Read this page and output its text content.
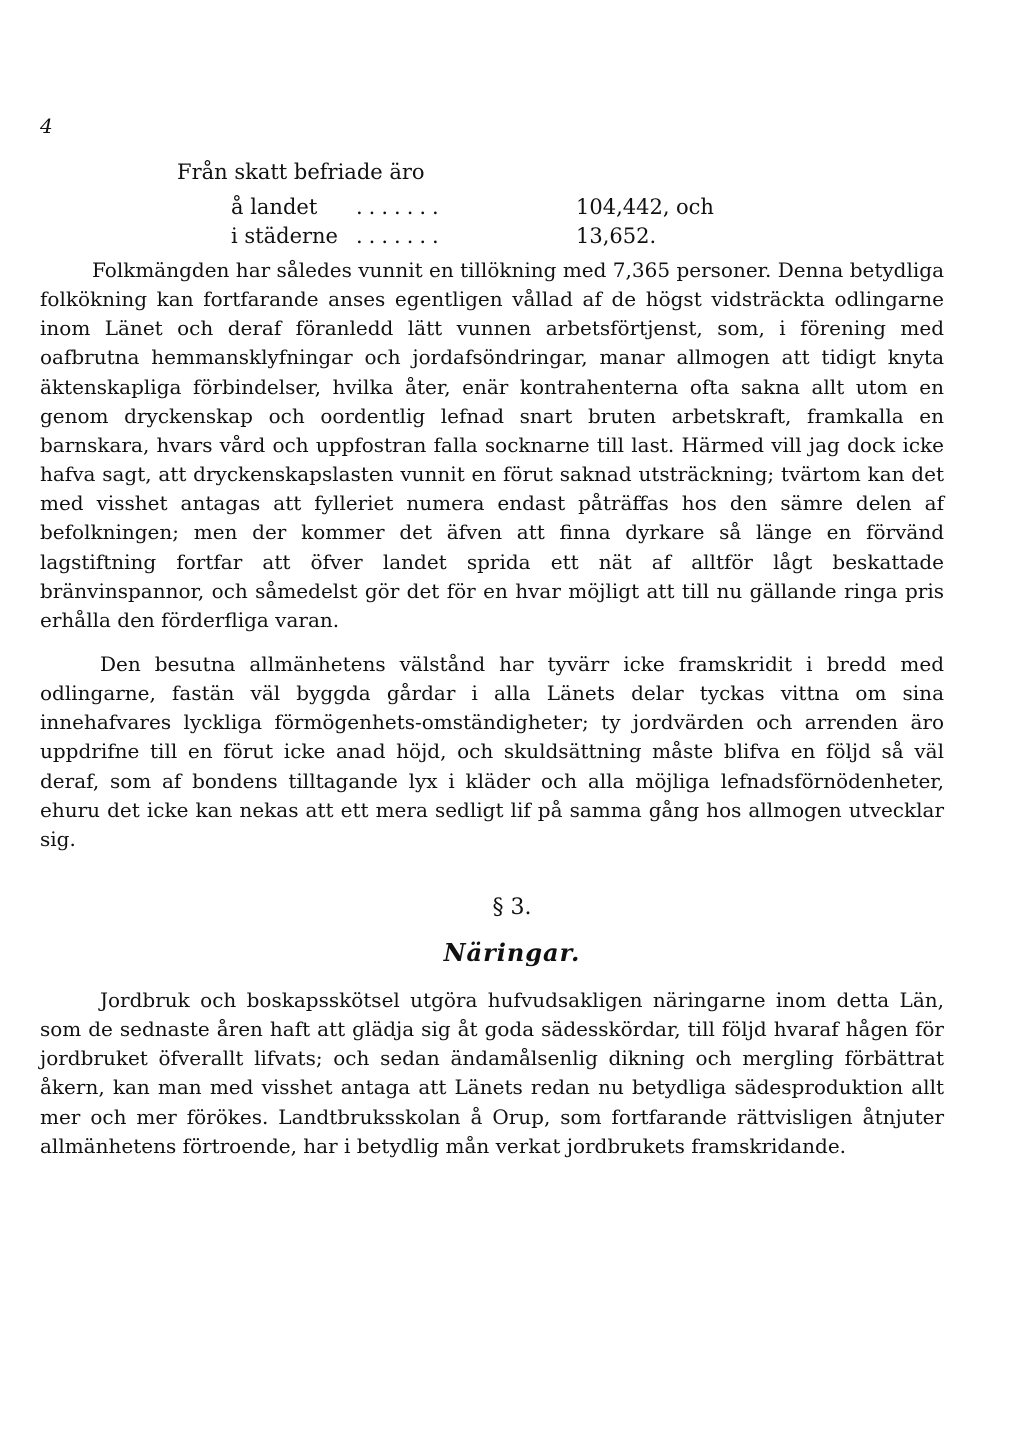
4
Från skatt befriade äro
å landet .......	104,442, och
i städerne .......	13,652.

Folkmängden har således vunnit en tillökning med 7,365 personer. Denna betydliga folkökning kan fortfarande anses egentligen vållad af de högst vidsträckta odlingarne inom Länet och deraf föranledd lätt vunnen arbetsförtjenst, som, i förening med oafbrutna hemmansklyfningar och jordafsöndringar, manar allmogen att tidigt knyta äktenskapliga förbindelser, hvilka åter, enär kontrahenterna ofta sakna allt utom en genom dryckenskap och oordentlig lefnad snart bruten arbetskraft, framkalla en barnskara, hvars vård och uppfostran falla socknarne till last. Härmed vill jag dock icke hafva sagt, att dryckenskapslasten vunnit en förut saknad utsträckning; tvärtom kan det med visshet antagas att fylleriet numera endast påträffas hos den sämre delen af befolkningen; men der kommer det äfven att finna dyrkare så länge en förvänd lagstiftning fortfar att öfver landet sprida ett nät af alltför lågt beskattade bränvinspannor, och såmedelst gör det för en hvar möjligt att till nu gällande ringa pris erhålla den förderfliga varan.

Den besutna allmänhetens välstånd har tyvärr icke framskridit i bredd med odlingarne, fastän väl byggda gårdar i alla Länets delar tyckas vittna om sina innehafvares lyckliga förmögenhets-omständigheter; ty jordvärden och arrenden äro uppdrifne till en förut icke anad höjd, och skuldsättning måste blifva en följd så väl deraf, som af bondens tilltagande lyx i kläder och alla möjliga lefnadsförnödenheter, ehuru det icke kan nekas att ett mera sedligt lif på samma gång hos allmogen utvecklar sig.

§ 3.
Näringar.

Jordbruk och boskapsskötsel utgöra hufvudsakligen näringarne inom detta Län, som de sednaste åren haft att glädja sig åt goda sädesskördar, till följd hvaraf hågen för jordbruket öfverallt lifvats; och sedan ändamålsenlig dikning och mergling förbättrat åkern, kan man med visshet antaga att Länets redan nu betydliga sädesproduktion allt mer och mer förökes. Landtbruksskolan å Orup, som fortfarande rättvisligen åtnjuter allmänhetens förtroende, har i betydlig mån verkat jordbrukets framskridande.
